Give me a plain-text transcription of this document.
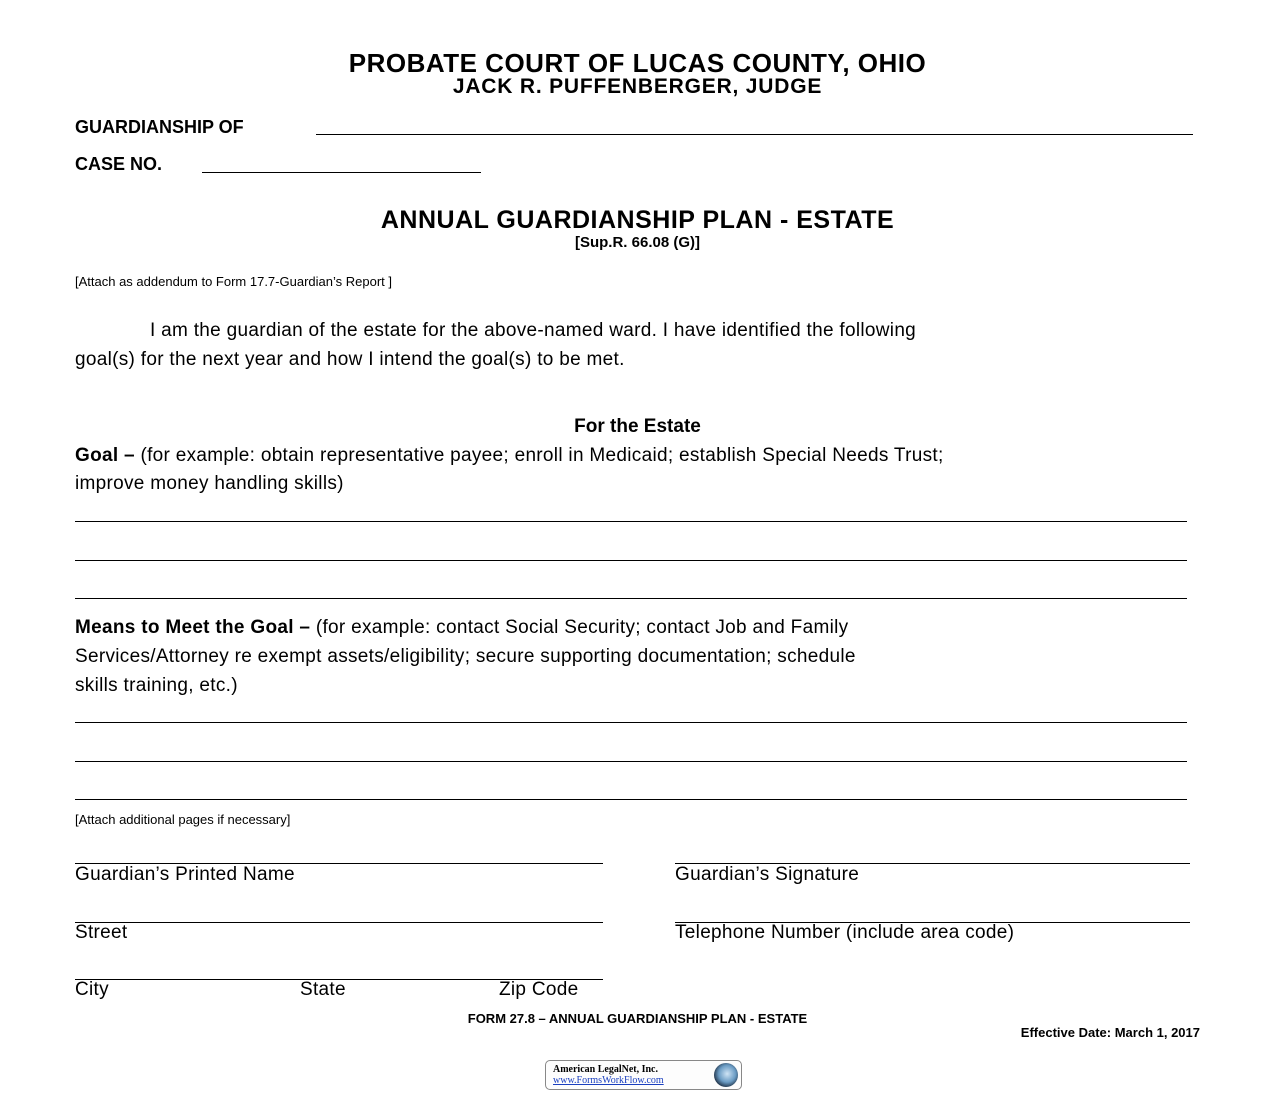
PROBATE COURT OF LUCAS COUNTY, OHIO
JACK R. PUFFENBERGER, JUDGE
GUARDIANSHIP OF
CASE NO.
ANNUAL GUARDIANSHIP PLAN - ESTATE
[Sup.R. 66.08 (G)]
[Attach as addendum to Form 17.7-Guardian’s Report ]
I am the guardian of the estate for the above-named ward. I have identified the following
goal(s) for the next year and how I intend the goal(s) to be met.
For the Estate
Goal – (for example: obtain representative payee; enroll in Medicaid; establish Special Needs Trust;
improve money handling skills)
Means to Meet the Goal – (for example: contact Social Security; contact Job and Family
Services/Attorney re exempt assets/eligibility; secure supporting documentation; schedule
skills training, etc.)
[Attach additional pages if necessary]
Guardian’s Printed Name	Guardian’s Signature
Street	Telephone Number (include area code)
City	State	Zip Code
FORM 27.8 – ANNUAL GUARDIANSHIP PLAN - ESTATE
Effective Date: March 1, 2017
American LegalNet, Inc.
www.FormsWorkFlow.com
